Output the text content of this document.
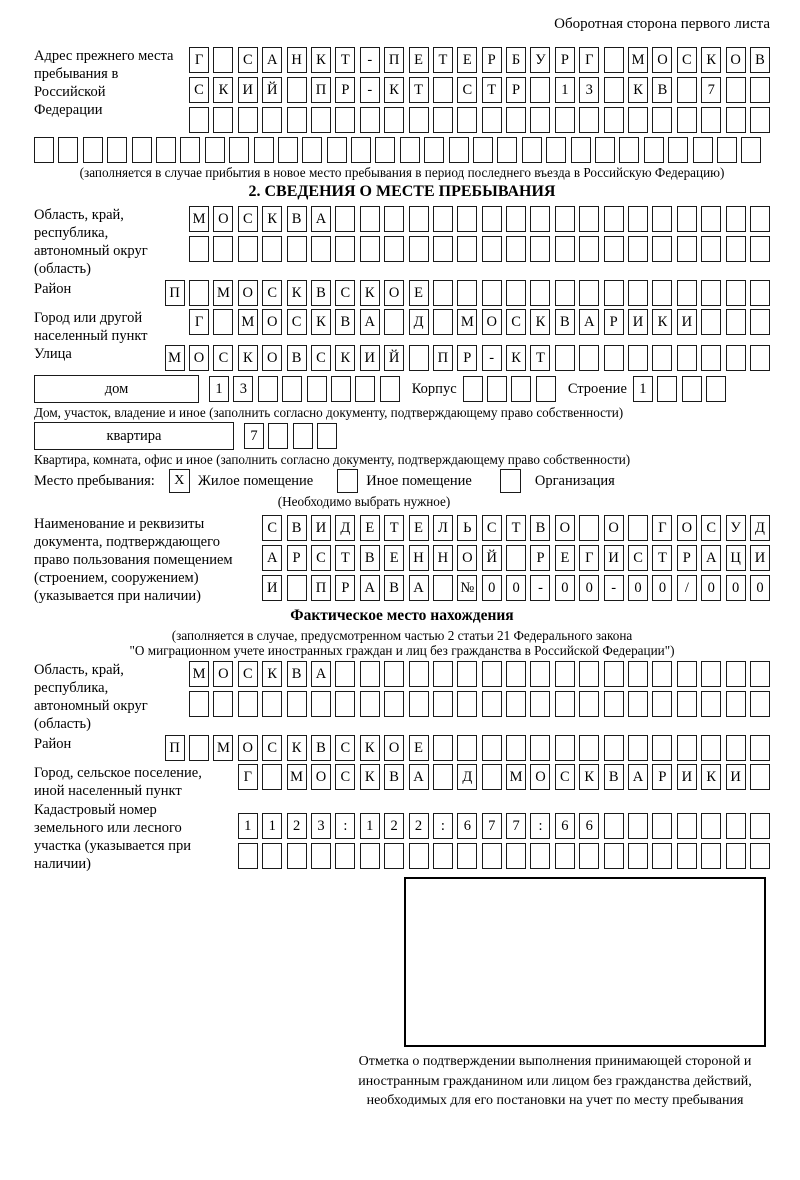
Оборотная сторона первого листа
Адрес прежнего места пребывания в Российской Федерации
Г	С А Н К	Т	-	П	Е	Т	Е	Р	Б	У	Р	Г	М О С	К О В
С	К И Й	П	Р	-	К	Т	С	Т	Р	1	3	К	В	7
(заполняется в случае прибытия в новое место пребывания в период последнего въезда в Российскую Федерацию)
2. СВЕДЕНИЯ О МЕСТЕ ПРЕБЫВАНИЯ
Область, край, республика, автономный округ (область)
М О С	К	В А
Район	П	М О С	К	В	С	К О	Е
Город или другой населенный пункт
Г	М О С	К	В А	Д	М О С	К	В А	Р	И К И
Улица	М О С	К О В	С	К И Й	П	Р	-	К	Т
дом	1	3	Корпус	Строение 1
Дом, участок, владение и иное (заполнить согласно документу, подтверждающему право собственности)
квартира	7
Квартира, комната, офис и иное (заполнить согласно документу, подтверждающему право собственности)
Место пребывания:	X Жилое помещение	Иное помещение	Организация
(Необходимо выбрать нужное)
Наименование и реквизиты документа, подтверждающего право пользования помещением (строением, сооружением) (указывается при наличии)
С	В И Д	Е	Т	Е	Л	Ь	С	Т	В О	О	Г	О С У Д
А	Р	С	Т	В	Е	Н Н О Й	Р	Е	Г	И С	Т	Р	А Ц И
И	П	Р	А В А	№ 0	0	-	0	0	-	0	0	/	0	0	0
Фактическое место нахождения
(заполняется в случае, предусмотренном частью 2 статьи 21 Федерального закона
"О миграционном учете иностранных граждан и лиц без гражданства в Российской Федерации")
Область, край, республика, автономный округ (область)
М О С	К	В А
Район	П	М О С	К	В	С	К О	Е
Город, сельское поселение, иной населенный пункт
Г	М О С	К	В А	Д	М О С	К	В А	Р	И К И
Кадастровый номер земельного или лесного участка (указывается при наличии)
1	1	2	3	:	1	2	2	:	6	7	7	:	6	6
Отметка о подтверждении выполнения принимающей стороной и иностранным гражданином или лицом без гражданства действий, необходимых для его постановки на учет по месту пребывания
